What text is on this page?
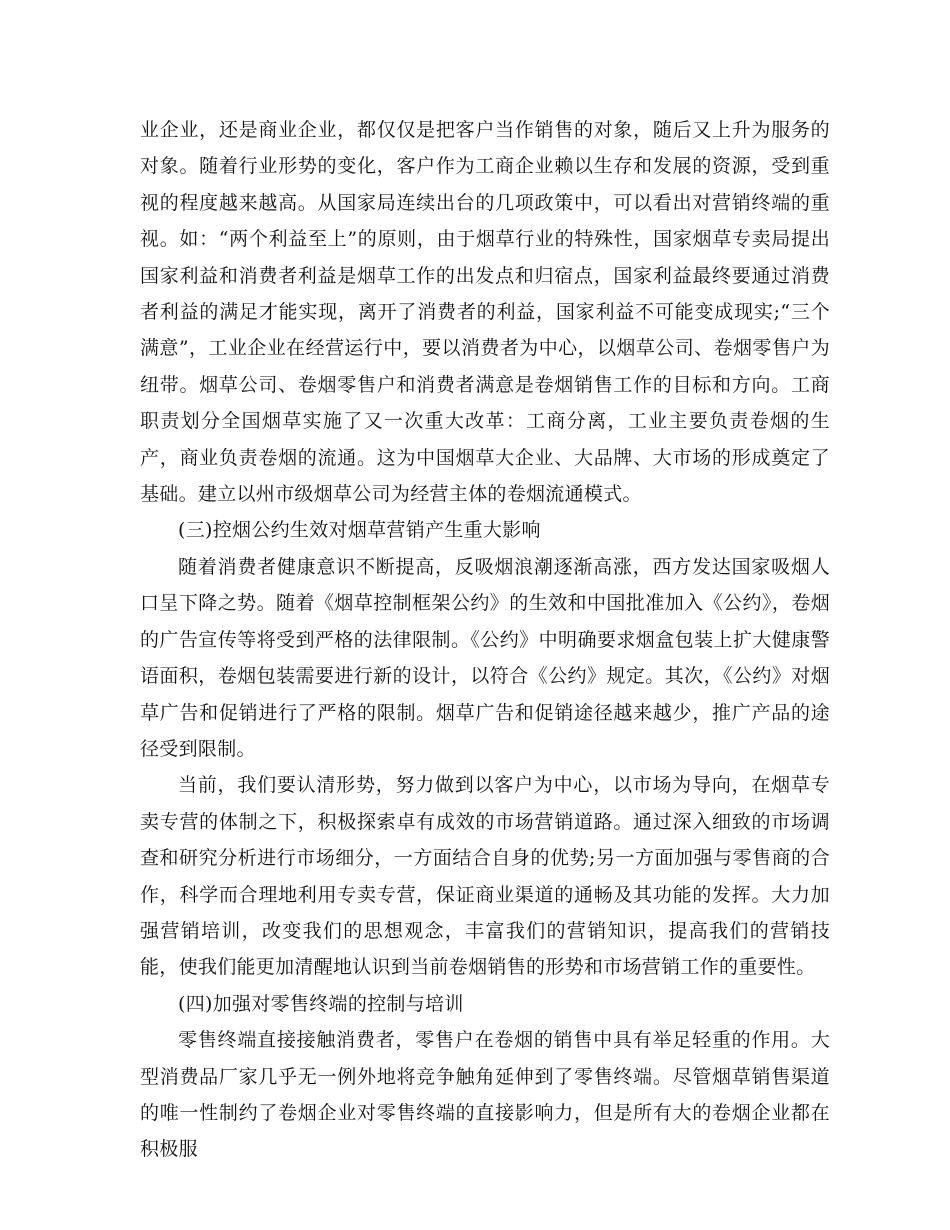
业企业，还是商业企业，都仅仅是把客户当作销售的对象，随后又上升为服务的对象。随着行业形势的变化，客户作为工商企业赖以生存和发展的资源，受到重视的程度越来越高。从国家局连续出台的几项政策中，可以看出对营销终端的重视。如：“两个利益至上”的原则，由于烟草行业的特殊性，国家烟草专卖局提出国家利益和消费者利益是烟草工作的出发点和归宿点，国家利益最终要通过消费者利益的满足才能实现，离开了消费者的利益，国家利益不可能变成现实;“三个满意”，工业企业在经营运行中，要以消费者为中心，以烟草公司、卷烟零售户为纽带。烟草公司、卷烟零售户和消费者满意是卷烟销售工作的目标和方向。工商职责划分全国烟草实施了又一次重大改革：工商分离，工业主要负责卷烟的生产，商业负责卷烟的流通。这为中国烟草大企业、大品牌、大市场的形成奠定了基础。建立以州市级烟草公司为经营主体的卷烟流通模式。

(三)控烟公约生效对烟草营销产生重大影响

随着消费者健康意识不断提高，反吸烟浪潮逐渐高涨，西方发达国家吸烟人口呈下降之势。随着《烟草控制框架公约》的生效和中国批准加入《公约》，卷烟的广告宣传等将受到严格的法律限制。《公约》中明确要求烟盒包装上扩大健康警语面积，卷烟包装需要进行新的设计，以符合《公约》规定。其次，《公约》对烟草广告和促销进行了严格的限制。烟草广告和促销途径越来越少，推广产品的途径受到限制。

当前，我们要认清形势，努力做到以客户为中心，以市场为导向，在烟草专卖专营的体制之下，积极探索卓有成效的市场营销道路。通过深入细致的市场调查和研究分析进行市场细分，一方面结合自身的优势;另一方面加强与零售商的合作，科学而合理地利用专卖专营，保证商业渠道的通畅及其功能的发挥。大力加强营销培训，改变我们的思想观念，丰富我们的营销知识，提高我们的营销技能，使我们能更加清醒地认识到当前卷烟销售的形势和市场营销工作的重要性。

(四)加强对零售终端的控制与培训

零售终端直接接触消费者，零售户在卷烟的销售中具有举足轻重的作用。大型消费品厂家几乎无一例外地将竞争触角延伸到了零售终端。尽管烟草销售渠道的唯一性制约了卷烟企业对零售终端的直接影响力，但是所有大的卷烟企业都在积极服
